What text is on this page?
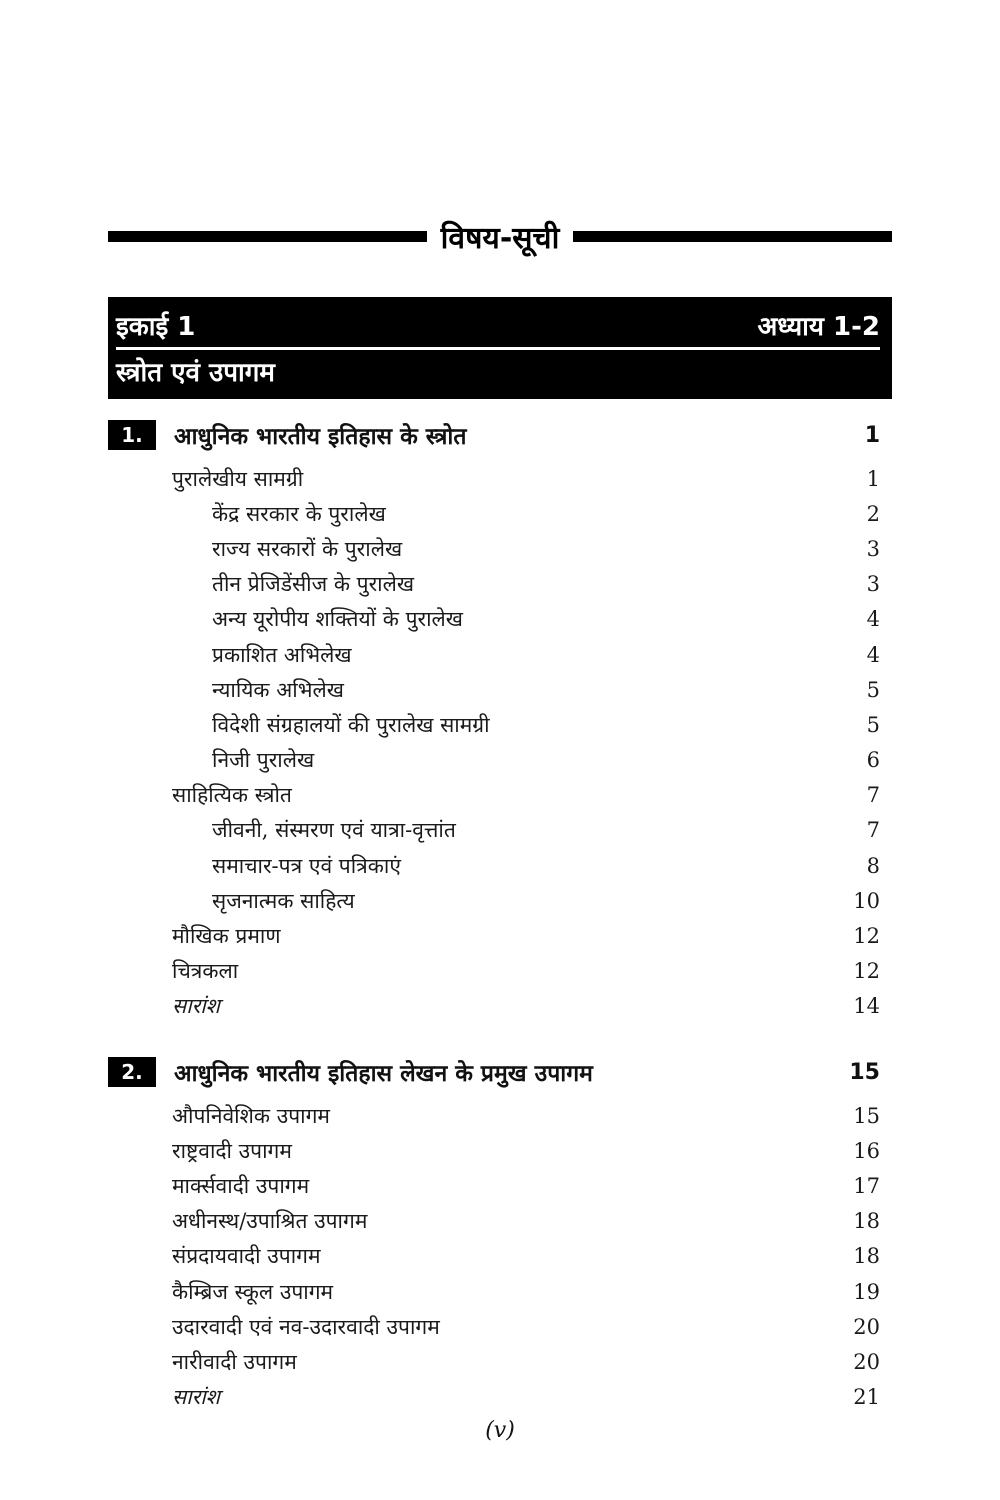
विषय-सूची
इकाई 1	अध्याय 1-2
स्त्रोत एवं उपागम
1.	आधुनिक भारतीय इतिहास के स्त्रोत	1
पुरालेखीय सामग्री	1
केंद्र सरकार के पुरालेख	2
राज्य सरकारों के पुरालेख	3
तीन प्रेजिडेंसीज के पुरालेख	3
अन्य यूरोपीय शक्तियों के पुरालेख	4
प्रकाशित अभिलेख	4
न्यायिक अभिलेख	5
विदेशी संग्रहालयों की पुरालेख सामग्री	5
निजी पुरालेख	6
साहित्यिक स्त्रोत	7
जीवनी, संस्मरण एवं यात्रा-वृत्तांत	7
समाचार-पत्र एवं पत्रिकाएं	8
सृजनात्मक साहित्य	10
मौखिक प्रमाण	12
चित्रकला	12
सारांश	14
2.	आधुनिक भारतीय इतिहास लेखन के प्रमुख उपागम	15
औपनिवेशिक उपागम	15
राष्ट्रवादी उपागम	16
मार्क्सवादी उपागम	17
अधीनस्थ/उपाश्रित उपागम	18
संप्रदायवादी उपागम	18
कैम्ब्रिज स्कूल उपागम	19
उदारवादी एवं नव-उदारवादी उपागम	20
नारीवादी उपागम	20
सारांश	21
(v)
